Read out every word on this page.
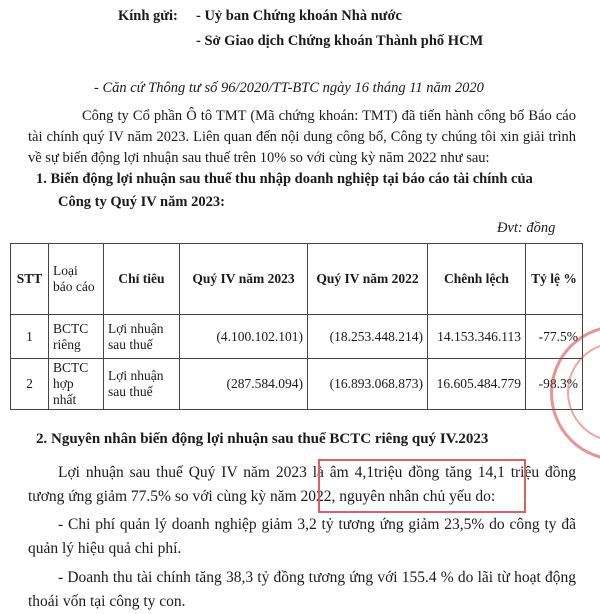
Kính gửi: - Uỷ ban Chứng khoán Nhà nước
- Sở Giao dịch Chứng khoán Thành phố HCM
- Căn cứ Thông tư số 96/2020/TT-BTC ngày 16 tháng 11 năm 2020

Công ty Cổ phần Ô tô TMT (Mã chứng khoán: TMT) đã tiến hành công bố Báo cáo tài chính quý IV năm 2023. Liên quan đến nội dung công bố, Công ty chúng tôi xin giải trình về sự biến động lợi nhuận sau thuế trên 10% so với cùng kỳ năm 2022 như sau:

1. Biến động lợi nhuận sau thuế thu nhập doanh nghiệp tại báo cáo tài chính của
Công ty Quý IV năm 2023:
Đvt: đồng
STT	Loại báo cáo	Chỉ tiêu	Quý IV năm 2023	Quý IV năm 2022	Chênh lệch	Tỷ lệ %
1	BCTC riêng	Lợi nhuận sau thuế	(4.100.102.101)	(18.253.448.214)	14.153.346.113	-77.5%
2	BCTC hợp nhất	Lợi nhuận sau thuế	(287.584.094)	(16.893.068.873)	16.605.484.779	-98.3%
2. Nguyên nhân biến động lợi nhuận sau thuế BCTC riêng quý IV.2023

Lợi nhuận sau thuế Quý IV năm 2023 là âm 4,1triệu đồng tăng 14,1 triệu đồng tương ứng giảm 77.5% so với cùng kỳ năm 2022, nguyên nhân chủ yếu do:

- Chi phí quản lý doanh nghiệp giảm 3,2 tỷ tương ứng giảm 23,5% do công ty đã quản lý hiệu quả chi phí.

- Doanh thu tài chính tăng 38,3 tỷ đồng tương ứng với 155.4 % do lãi từ hoạt động thoái vốn tại công ty con.
